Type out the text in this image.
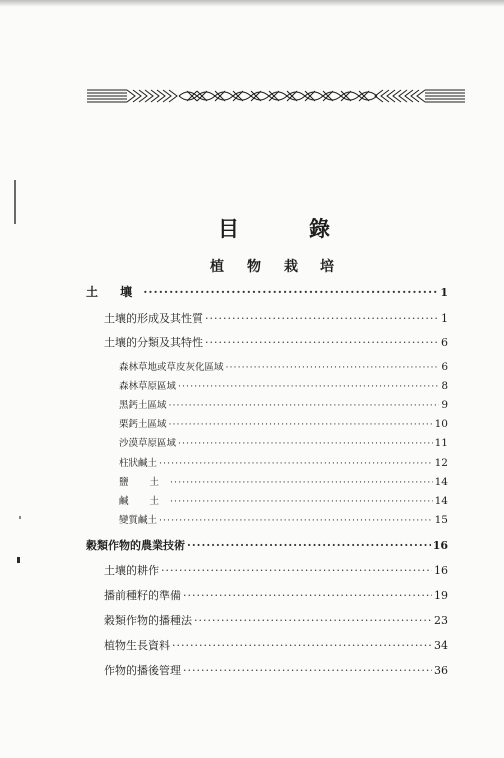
目	錄
植 物 栽 培
土 壤 ·····	1
土壤的形成及其性質 ·····	1
土壤的分類及其特性 ·····	6
森林草地或草皮灰化區域 ·····	6
森林草原區域 ·····	8
黑鈣土區域 ·····	9
栗鈣土區域 ·····	10
沙漠草原區域 ·····	11
柱狀鹹土 ·····	12
鹽 土 ·····	14
鹹 土 ·····	14
變質鹹土 ·····	15
穀類作物的農業技術 ·····	16
土壤的耕作 ·····	16
播前種籽的準備 ·····	19
穀類作物的播種法 ·····	23
植物生長資料 ·····	34
作物的播後管理 ·····	36
